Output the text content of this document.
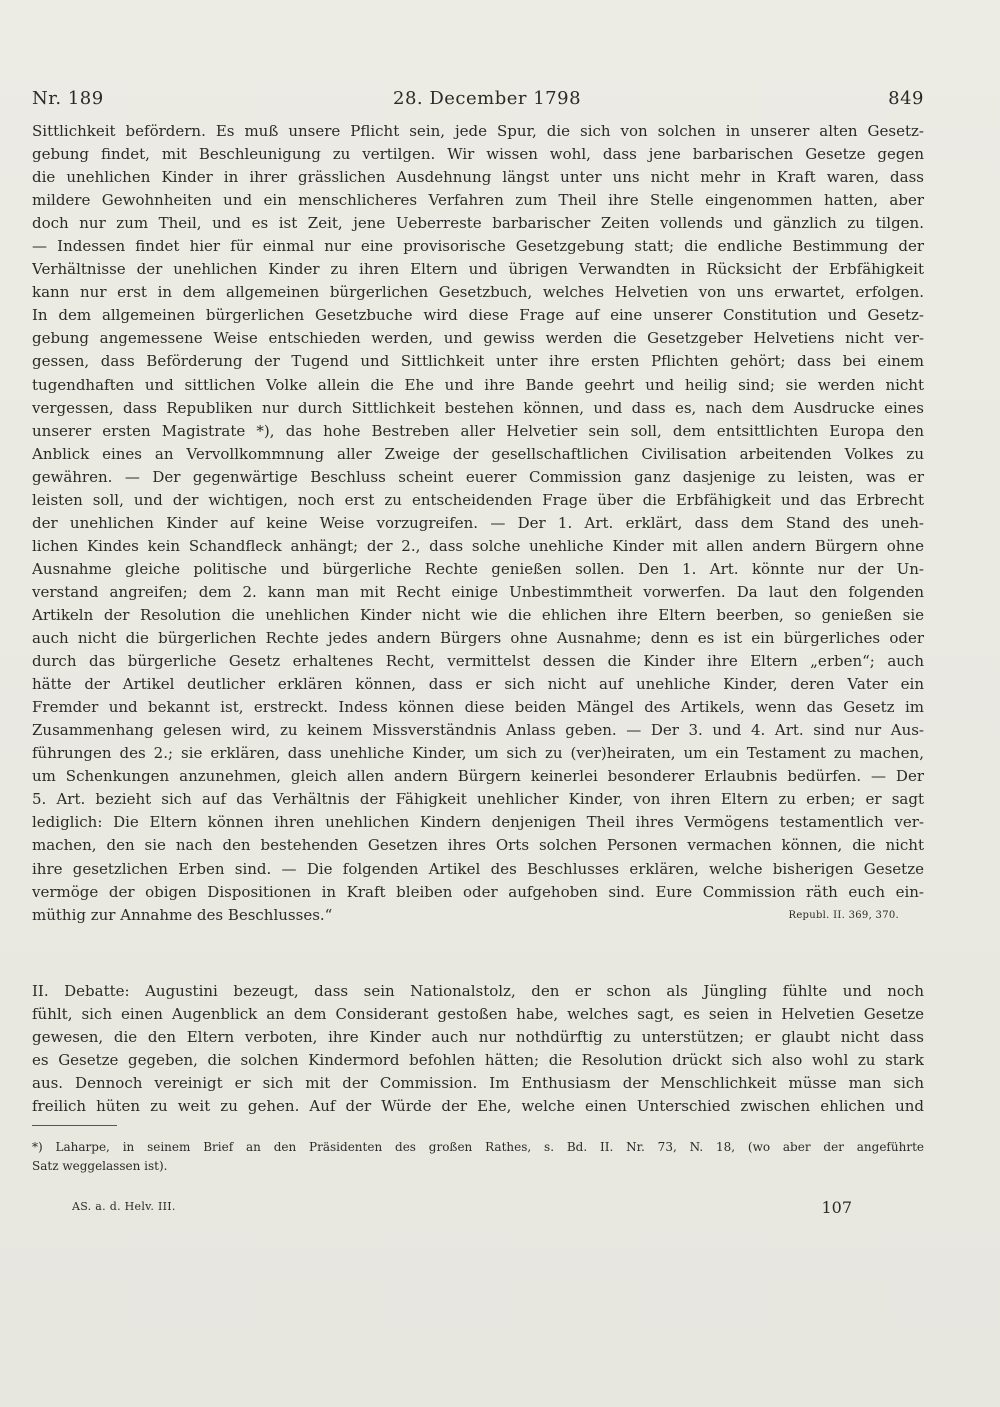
Nr. 189	28. December 1798	849
Sittlichkeit befördern. Es muß unsere Pflicht sein, jede Spur, die sich von solchen in unserer alten Gesetz-
gebung findet, mit Beschleunigung zu vertilgen. Wir wissen wohl, dass jene barbarischen Gesetze gegen
die unehlichen Kinder in ihrer grässlichen Ausdehnung längst unter uns nicht mehr in Kraft waren, dass
mildere Gewohnheiten und ein menschlicheres Verfahren zum Theil ihre Stelle eingenommen hatten, aber
doch nur zum Theil, und es ist Zeit, jene Ueberreste barbarischer Zeiten vollends und gänzlich zu tilgen.
— Indessen findet hier für einmal nur eine provisorische Gesetzgebung statt; die endliche Bestimmung der
Verhältnisse der unehlichen Kinder zu ihren Eltern und übrigen Verwandten in Rücksicht der Erbfähigkeit
kann nur erst in dem allgemeinen bürgerlichen Gesetzbuch, welches Helvetien von uns erwartet, erfolgen.
In dem allgemeinen bürgerlichen Gesetzbuche wird diese Frage auf eine unserer Constitution und Gesetz-
gebung angemessene Weise entschieden werden, und gewiss werden die Gesetzgeber Helvetiens nicht ver-
gessen, dass Beförderung der Tugend und Sittlichkeit unter ihre ersten Pflichten gehört; dass bei einem
tugendhaften und sittlichen Volke allein die Ehe und ihre Bande geehrt und heilig sind; sie werden nicht
vergessen, dass Republiken nur durch Sittlichkeit bestehen können, und dass es, nach dem Ausdrucke eines
unserer ersten Magistrate *), das hohe Bestreben aller Helvetier sein soll, dem entsittlichten Europa den
Anblick eines an Vervollkommnung aller Zweige der gesellschaftlichen Civilisation arbeitenden Volkes zu
gewähren. — Der gegenwärtige Beschluss scheint euerer Commission ganz dasjenige zu leisten, was er
leisten soll, und der wichtigen, noch erst zu entscheidenden Frage über die Erbfähigkeit und das Erbrecht
der unehlichen Kinder auf keine Weise vorzugreifen. — Der 1. Art. erklärt, dass dem Stand des uneh-
lichen Kindes kein Schandfleck anhängt; der 2., dass solche unehliche Kinder mit allen andern Bürgern ohne
Ausnahme gleiche politische und bürgerliche Rechte genießen sollen. Den 1. Art. könnte nur der Un-
verstand angreifen; dem 2. kann man mit Recht einige Unbestimmtheit vorwerfen. Da laut den folgenden
Artikeln der Resolution die unehlichen Kinder nicht wie die ehlichen ihre Eltern beerben, so genießen sie
auch nicht die bürgerlichen Rechte jedes andern Bürgers ohne Ausnahme; denn es ist ein bürgerliches oder
durch das bürgerliche Gesetz erhaltenes Recht, vermittelst dessen die Kinder ihre Eltern „erben“; auch
hätte der Artikel deutlicher erklären können, dass er sich nicht auf unehliche Kinder, deren Vater ein
Fremder und bekannt ist, erstreckt. Indess können diese beiden Mängel des Artikels, wenn das Gesetz im
Zusammenhang gelesen wird, zu keinem Missverständnis Anlass geben. — Der 3. und 4. Art. sind nur Aus-
führungen des 2.; sie erklären, dass unehliche Kinder, um sich zu (ver)heiraten, um ein Testament zu machen,
um Schenkungen anzunehmen, gleich allen andern Bürgern keinerlei besonderer Erlaubnis bedürfen. — Der
5. Art. bezieht sich auf das Verhältnis der Fähigkeit unehlicher Kinder, von ihren Eltern zu erben; er sagt
lediglich: Die Eltern können ihren unehlichen Kindern denjenigen Theil ihres Vermögens testamentlich ver-
machen, den sie nach den bestehenden Gesetzen ihres Orts solchen Personen vermachen können, die nicht
ihre gesetzlichen Erben sind. — Die folgenden Artikel des Beschlusses erklären, welche bisherigen Gesetze
vermöge der obigen Dispositionen in Kraft bleiben oder aufgehoben sind. Eure Commission räth euch ein-
müthig zur Annahme des Beschlusses.“	Republ. II. 369, 370.
II. Debatte: Augustini bezeugt, dass sein Nationalstolz, den er schon als Jüngling fühlte und noch
fühlt, sich einen Augenblick an dem Considerant gestoßen habe, welches sagt, es seien in Helvetien Gesetze
gewesen, die den Eltern verboten, ihre Kinder auch nur nothdürftig zu unterstützen; er glaubt nicht dass
es Gesetze gegeben, die solchen Kindermord befohlen hätten; die Resolution drückt sich also wohl zu stark
aus. Dennoch vereinigt er sich mit der Commission. Im Enthusiasm der Menschlichkeit müsse man sich
freilich hüten zu weit zu gehen. Auf der Würde der Ehe, welche einen Unterschied zwischen ehlichen und
*) Laharpe, in seinem Brief an den Präsidenten des großen Rathes, s. Bd. II. Nr. 73, N. 18, (wo aber der angeführte
Satz weggelassen ist).
AS. a. d. Helv. III.	107
